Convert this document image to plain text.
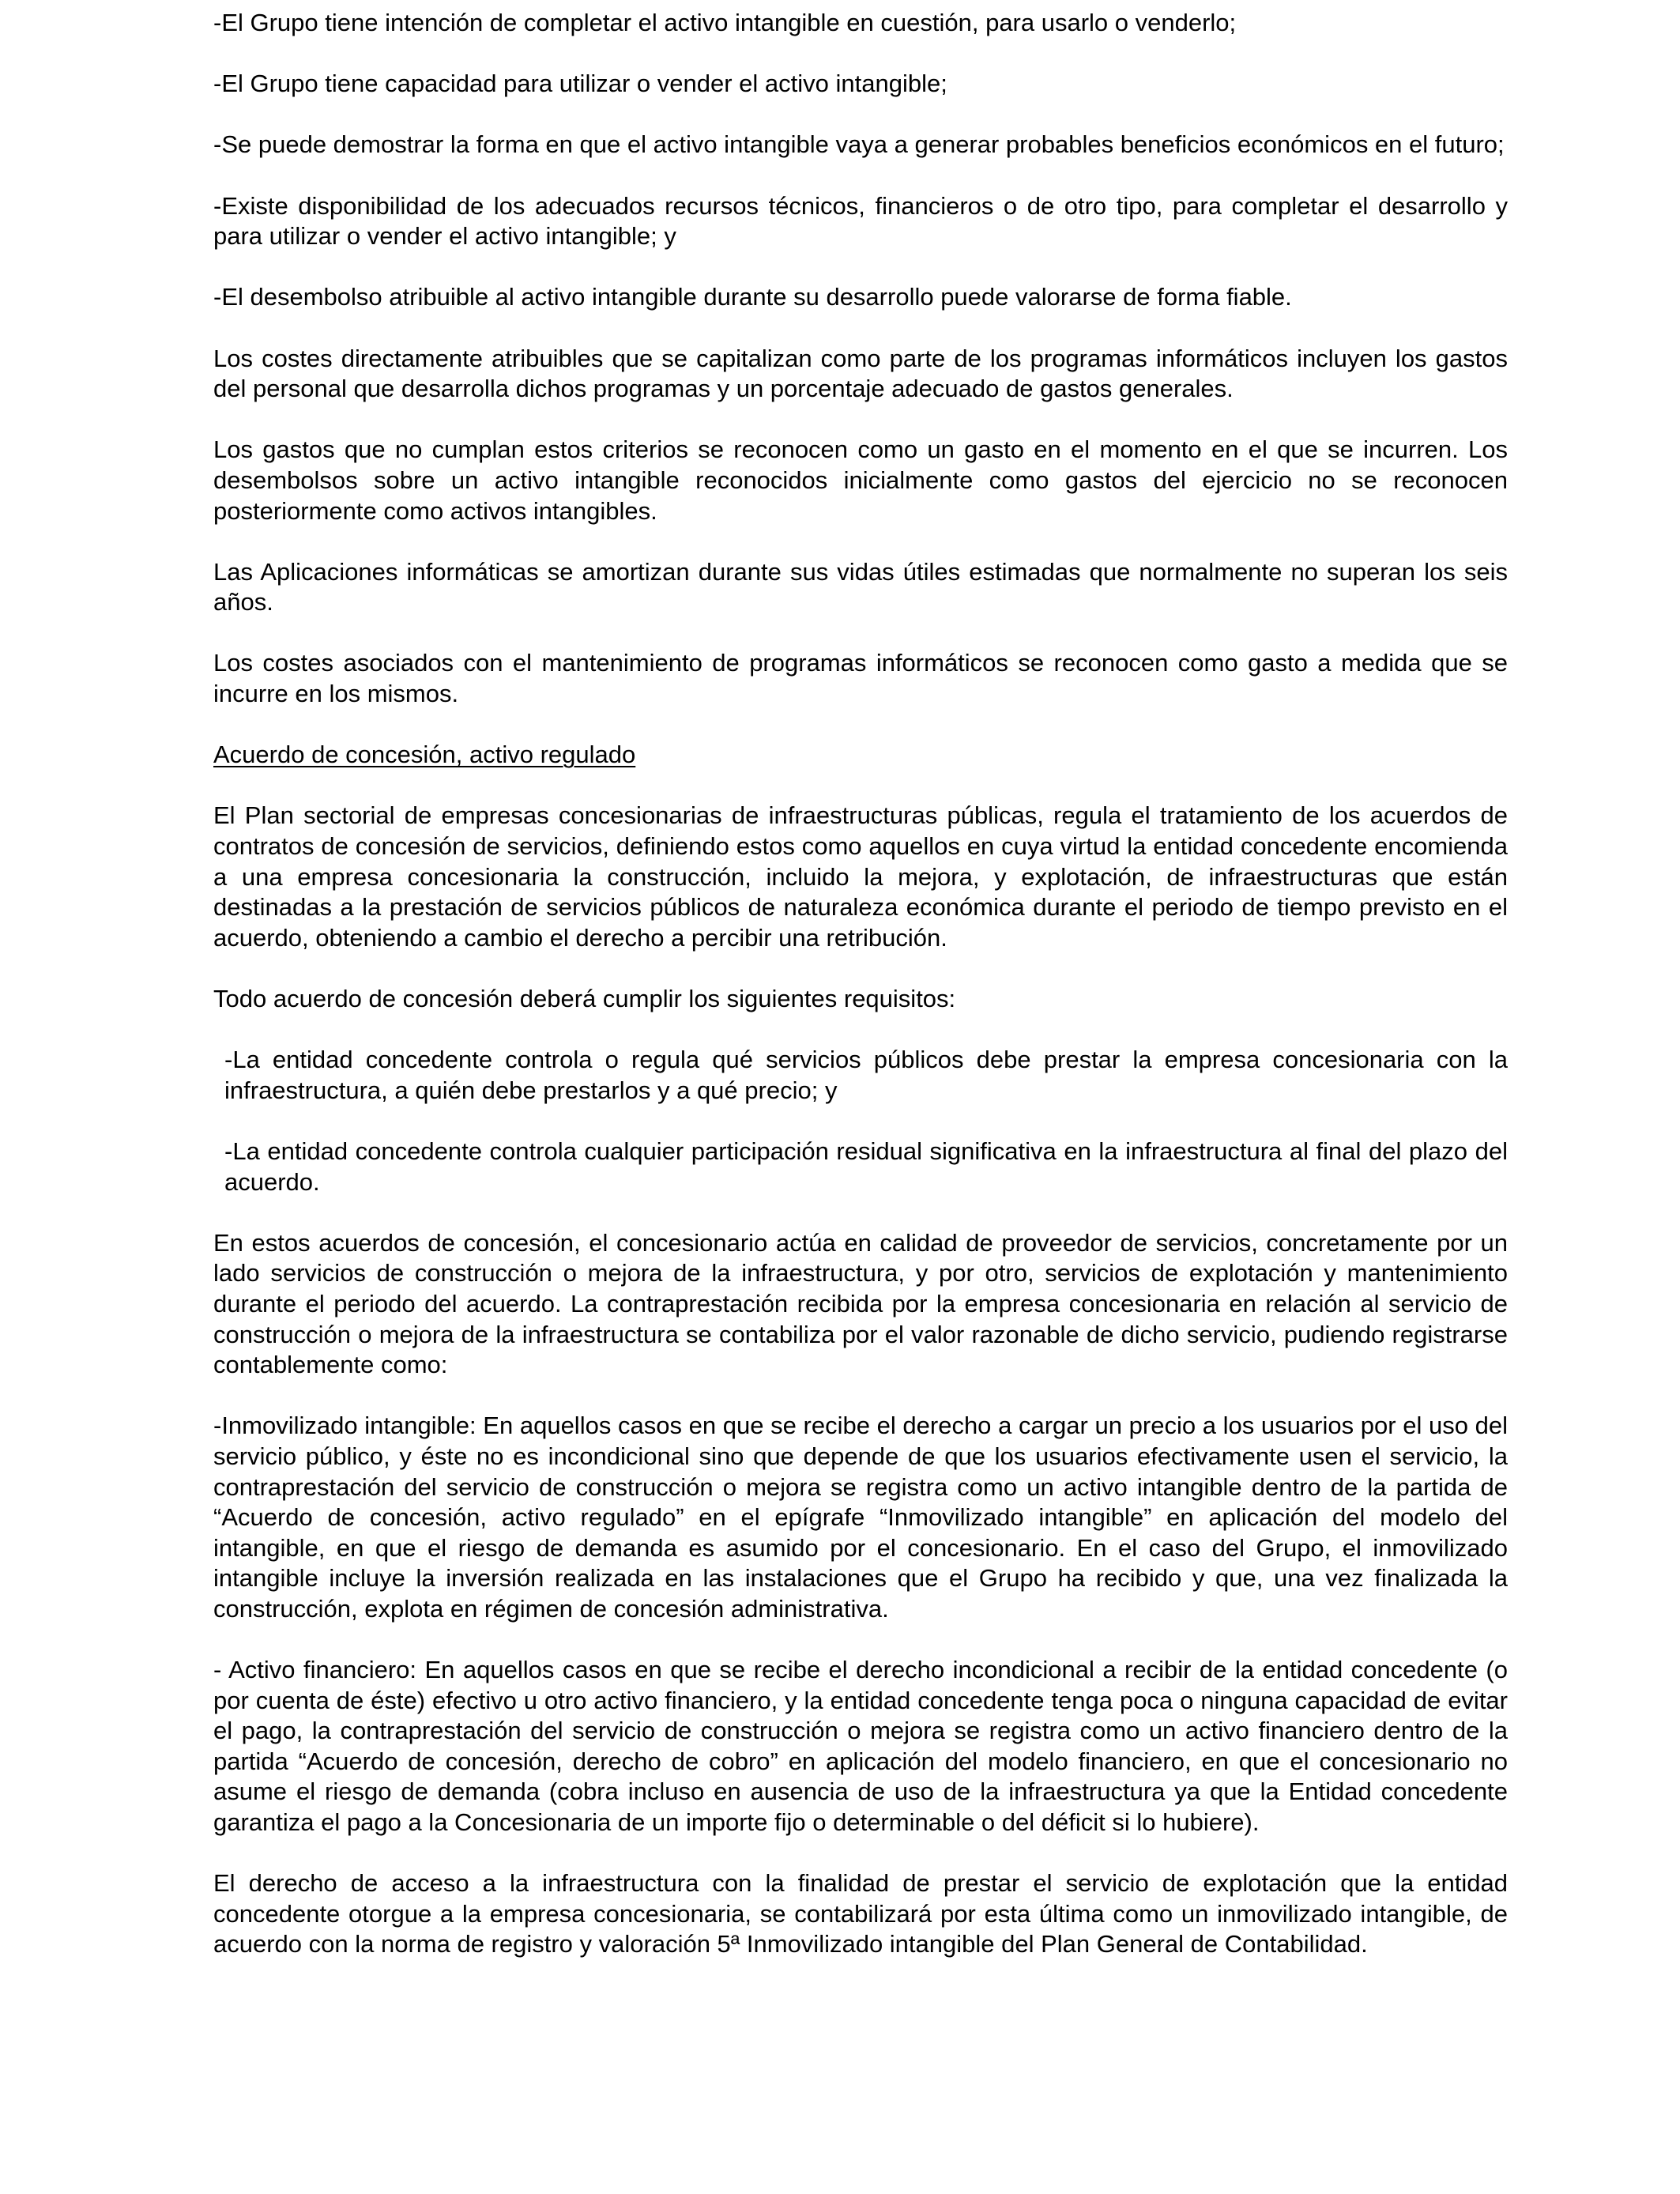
-El Grupo tiene intención de completar el activo intangible en cuestión, para usarlo o venderlo;

-El Grupo tiene capacidad para utilizar o vender el activo intangible;

-Se puede demostrar la forma en que el activo intangible vaya a generar probables beneficios económicos en el futuro;

-Existe disponibilidad de los adecuados recursos técnicos, financieros o de otro tipo, para completar el desarrollo y para utilizar o vender el activo intangible; y

-El desembolso atribuible al activo intangible durante su desarrollo puede valorarse de forma fiable.

Los costes directamente atribuibles que se capitalizan como parte de los programas informáticos incluyen los gastos del personal que desarrolla dichos programas y un porcentaje adecuado de gastos generales.

Los gastos que no cumplan estos criterios se reconocen como un gasto en el momento en el que se incurren. Los desembolsos sobre un activo intangible reconocidos inicialmente como gastos del ejercicio no se reconocen posteriormente como activos intangibles.

Las Aplicaciones informáticas se amortizan durante sus vidas útiles estimadas que normalmente no superan los seis años.

Los costes asociados con el mantenimiento de programas informáticos se reconocen como gasto a medida que se incurre en los mismos.

Acuerdo de concesión, activo regulado

El Plan sectorial de empresas concesionarias de infraestructuras públicas, regula el tratamiento de los acuerdos de contratos de concesión de servicios, definiendo estos como aquellos en cuya virtud la entidad concedente encomienda a una empresa concesionaria la construcción, incluido la mejora, y explotación, de infraestructuras que están destinadas a la prestación de servicios públicos de naturaleza económica durante el periodo de tiempo previsto en el acuerdo, obteniendo a cambio el derecho a percibir una retribución.

Todo acuerdo de concesión deberá cumplir los siguientes requisitos:

-La entidad concedente controla o regula qué servicios públicos debe prestar la empresa concesionaria con la infraestructura, a quién debe prestarlos y a qué precio; y

-La entidad concedente controla cualquier participación residual significativa en la infraestructura al final del plazo del acuerdo.

En estos acuerdos de concesión, el concesionario actúa en calidad de proveedor de servicios, concretamente por un lado servicios de construcción o mejora de la infraestructura, y por otro, servicios de explotación y mantenimiento durante el periodo del acuerdo. La contraprestación recibida por la empresa concesionaria en relación al servicio de construcción o mejora de la infraestructura se contabiliza por el valor razonable de dicho servicio, pudiendo registrarse contablemente como:

-Inmovilizado intangible: En aquellos casos en que se recibe el derecho a cargar un precio a los usuarios por el uso del servicio público, y éste no es incondicional sino que depende de que los usuarios efectivamente usen el servicio, la contraprestación del servicio de construcción o mejora se registra como un activo intangible dentro de la partida de “Acuerdo de concesión, activo regulado” en el epígrafe “Inmovilizado intangible” en aplicación del modelo del intangible, en que el riesgo de demanda es asumido por el concesionario. En el caso del Grupo, el inmovilizado intangible incluye la inversión realizada en las instalaciones que el Grupo ha recibido y que, una vez finalizada la construcción, explota en régimen de concesión administrativa.

- Activo financiero: En aquellos casos en que se recibe el derecho incondicional a recibir de la entidad concedente (o por cuenta de éste) efectivo u otro activo financiero, y la entidad concedente tenga poca o ninguna capacidad de evitar el pago, la contraprestación del servicio de construcción o mejora se registra como un activo financiero dentro de la partida “Acuerdo de concesión, derecho de cobro” en aplicación del modelo financiero, en que el concesionario no asume el riesgo de demanda (cobra incluso en ausencia de uso de la infraestructura ya que la Entidad concedente garantiza el pago a la Concesionaria de un importe fijo o determinable o del déficit si lo hubiere).

El derecho de acceso a la infraestructura con la finalidad de prestar el servicio de explotación que la entidad concedente otorgue a la empresa concesionaria, se contabilizará por esta última como un inmovilizado intangible, de acuerdo con la norma de registro y valoración 5ª Inmovilizado intangible del Plan General de Contabilidad.
